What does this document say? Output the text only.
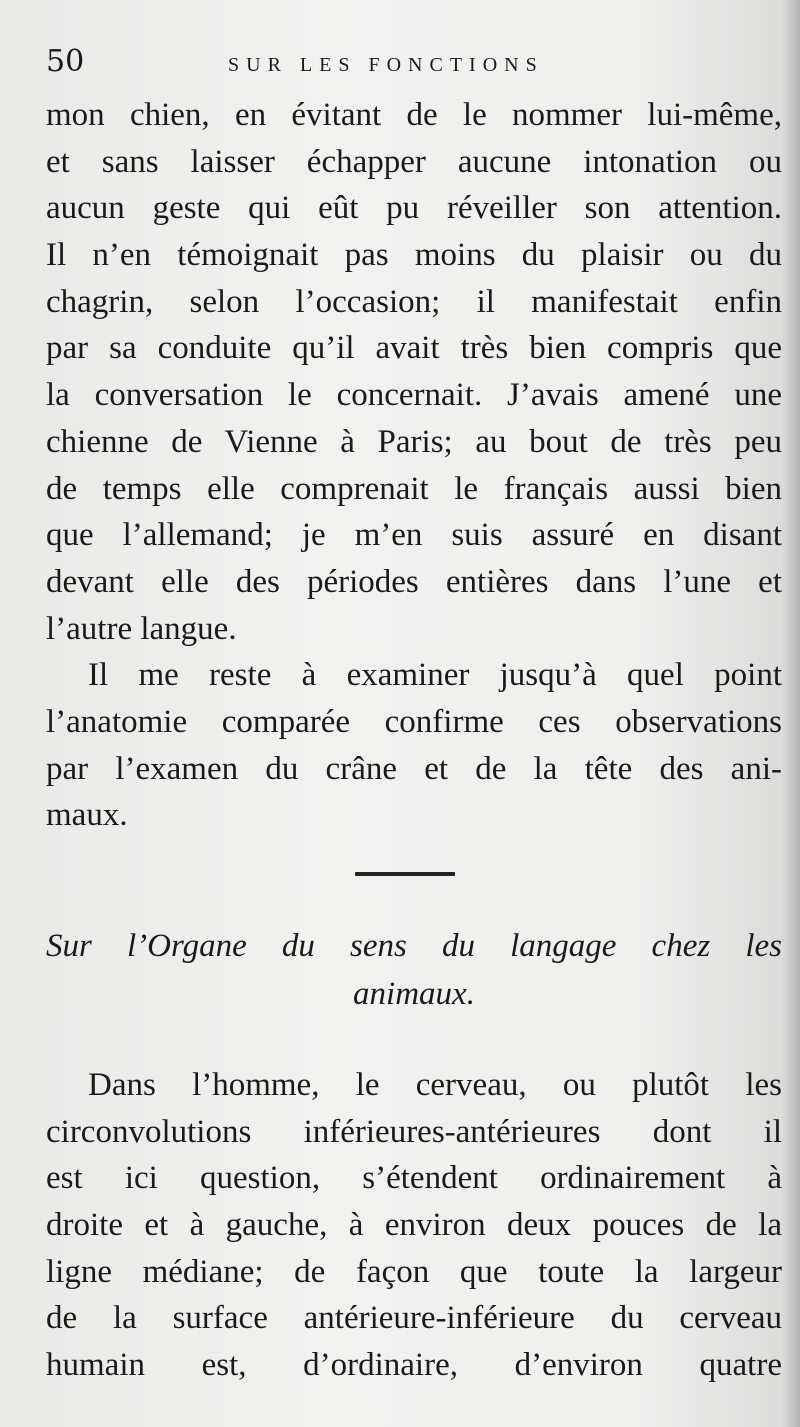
50	SUR LES FONCTIONS
mon chien, en évitant de le nommer lui-même,
et sans laisser échapper aucune intonation ou
aucun geste qui eût pu réveiller son attention.
Il n’en témoignait pas moins du plaisir ou du
chagrin, selon l’occasion; il manifestait enfin
par sa conduite qu’il avait très bien compris que
la conversation le concernait. J’avais amené une
chienne de Vienne à Paris; au bout de très peu
de temps elle comprenait le français aussi bien
que l’allemand; je m’en suis assuré en disant
devant elle des périodes entières dans l’une et
l’autre langue.
Il me reste à examiner jusqu’à quel point
l’anatomie comparée confirme ces observations
par l’examen du crâne et de la tête des ani-
maux.
Sur l’Organe du sens du langage chez les
animaux.
Dans l’homme, le cerveau, ou plutôt les
circonvolutions inférieures-antérieures dont il
est ici question, s’étendent ordinairement à
droite et à gauche, à environ deux pouces de la
ligne médiane; de façon que toute la largeur
de la surface antérieure-inférieure du cerveau
humain est, d’ordinaire, d’environ quatre
